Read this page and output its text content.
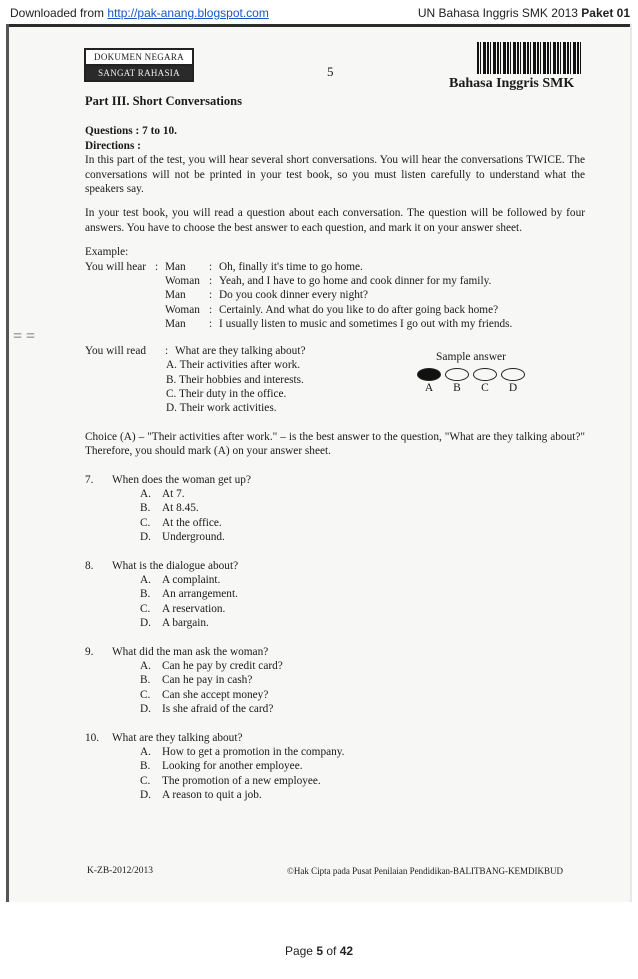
Downloaded from http://pak-anang.blogspot.com	UN Bahasa Inggris SMK 2013 Paket 01
DOKUMEN NEGARA
SANGAT RAHASIA	5
Bahasa Inggris SMK
= =
Part III. Short Conversations
Questions : 7 to 10.
Directions :
In this part of the test, you will hear several short conversations. You will hear the conversations TWICE. The conversations will not be printed in your test book, so you must listen carefully to understand what the speakers say.
In your test book, you will read a question about each conversation. The question will be followed by four answers. You have to choose the best answer to each question, and mark it on your answer sheet.
Example:
You will hear : Man	: Oh, finally it's time to go home.
Woman : Yeah, and I have to go home and cook dinner for my family.
Man	: Do you cook dinner every night?
Woman : Certainly. And what do you like to do after going back home?
Man	: I usually listen to music and sometimes I go out with my friends.
You will read	: What are they talking about?
A. Their activities after work.
B. Their hobbies and interests.
C. Their duty in the office.
D. Their work activities.
Sample answer
A	B	C	D
Choice (A) – "Their activities after work." – is the best answer to the question, "What are they talking about?" Therefore, you should mark (A) on your answer sheet.
7.	When does the woman get up?
A. At 7.
B.	At 8.45.
C.	At the office.
D. Underground.
8.	What is the dialogue about?
A. A complaint.
B.	An arrangement.
C.	A reservation.
D. A bargain.
9.	What did the man ask the woman?
A. Can he pay by credit card?
B.	Can he pay in cash?
C.	Can she accept money?
D. Is she afraid of the card?
10.	What are they talking about?
A. How to get a promotion in the company.
B.	Looking for another employee.
C.	The promotion of a new employee.
D. A reason to quit a job.
K-ZB-2012/2013	©Hak Cipta pada Pusat Penilaian Pendidikan-BALITBANG-KEMDIKBUD
Page 5 of 42
